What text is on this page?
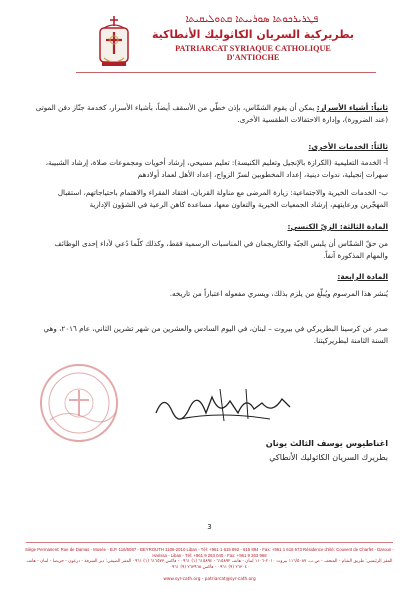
ܦܛܪܝܪܟܘܬܐ ܣܘܪܝܝܬܐ ܩܬܘܠܝܩܝܬܐ
بطريركية السريان الكاثوليك الأنطاكية
PATRIARCAT SYRIAQUE CATHOLIQUE D'ANTIOCHE
ثانياً: أشياء الأسرار: يمكن أن يقوم الشمّاس، بإذن خطّي من الأسقف أيضاً، بأشياء الأسرار، كخدمة جنّاز دفن الموتى (عند الضرورة)، وإدارة الاحتفالات الطقسية الأخرى.
ثالثاً: الخدمات الأخرى:
أ- الخدمة التعليمية (الكرازة بالإنجيل وتعليم الكنيسة): تعليم مسيحي، إرشاد أخويات ومجموعات صلاة، إرشاد الشبيبة، سهرات إنجيلية، ندوات دينية، إعداد المخطوبين لسرّ الزواج، إعداد الأهل لعماد أولادهم
ب- الخدمات الخيرية والاجتماعية: زيارة المرضى مع مناولة القربان، افتقاد الفقراء والاهتمام باحتياجاتهم، استقبال المهجّرين ورعايتهم، إرشاد الجمعيات الخيرية والتعاون معها، مساعدة كاهن الرعية في الشؤون الإدارية
المادة الثالثة: الزيّ الكنسي:
من حقّ الشمّاس أن يلبس الجبّة والكاريجمان في المناسبات الرسمية فقط، وكذلك كلّما دُعي لأداء إحدى الوظائف والمهام المذكورة آنفاً.
المادة الرابعة:
يُنشر هذا المرسوم ويُبلّغ من يلزم بذلك، ويسري مفعوله اعتباراً من تاريخه.
صدر عن كرسينا البطريركي في بيروت – لبنان، في اليوم السادس والعشرين من شهر تشرين الثاني، عام ٢٠١٦، وهي السنة الثامنة لبطريركيتنا.
اغناطيوس يوسف الثالث يونان
بطريرك السريان الكاثوليك الأنطاكي
3
Siège Permanent: Rue de Damas - Musée - B.P. 116/5087 - BEYROUTH 1106-2010 Liban - Tél: +961 1 615 892 - 615 894 - Fax: +961 1 616 573 Résidence d'été: Couvent de Charfet - Daroun - Harissa - Liban - Tél: +961 9 263 040 - Fax: +961 9 263 968
المقر الرئيسي: طريق الشام - المتحف - ص.ب. ١١٦/٥٠٨٧ بيروت ٢٠١٠-١١٠٦ لبنان - هاتف ٦١٥٨٩٢ - ٦١٥٨٩٤ (١) ٠٩٦١ - فاكس ٦١٦٥٧٣ (١) ٠٩٦١ المقر الصيفي: دير الشرفة - درعون - حريصا - لبنان - هاتف ٢٦٣٠٤٠ (٩) ٠٩٦١ - فاكس ٢٦٣٩٦٨ (٩) ٠٩٦١
www.syr-cath.org - patriarcat@syr-cath.org
